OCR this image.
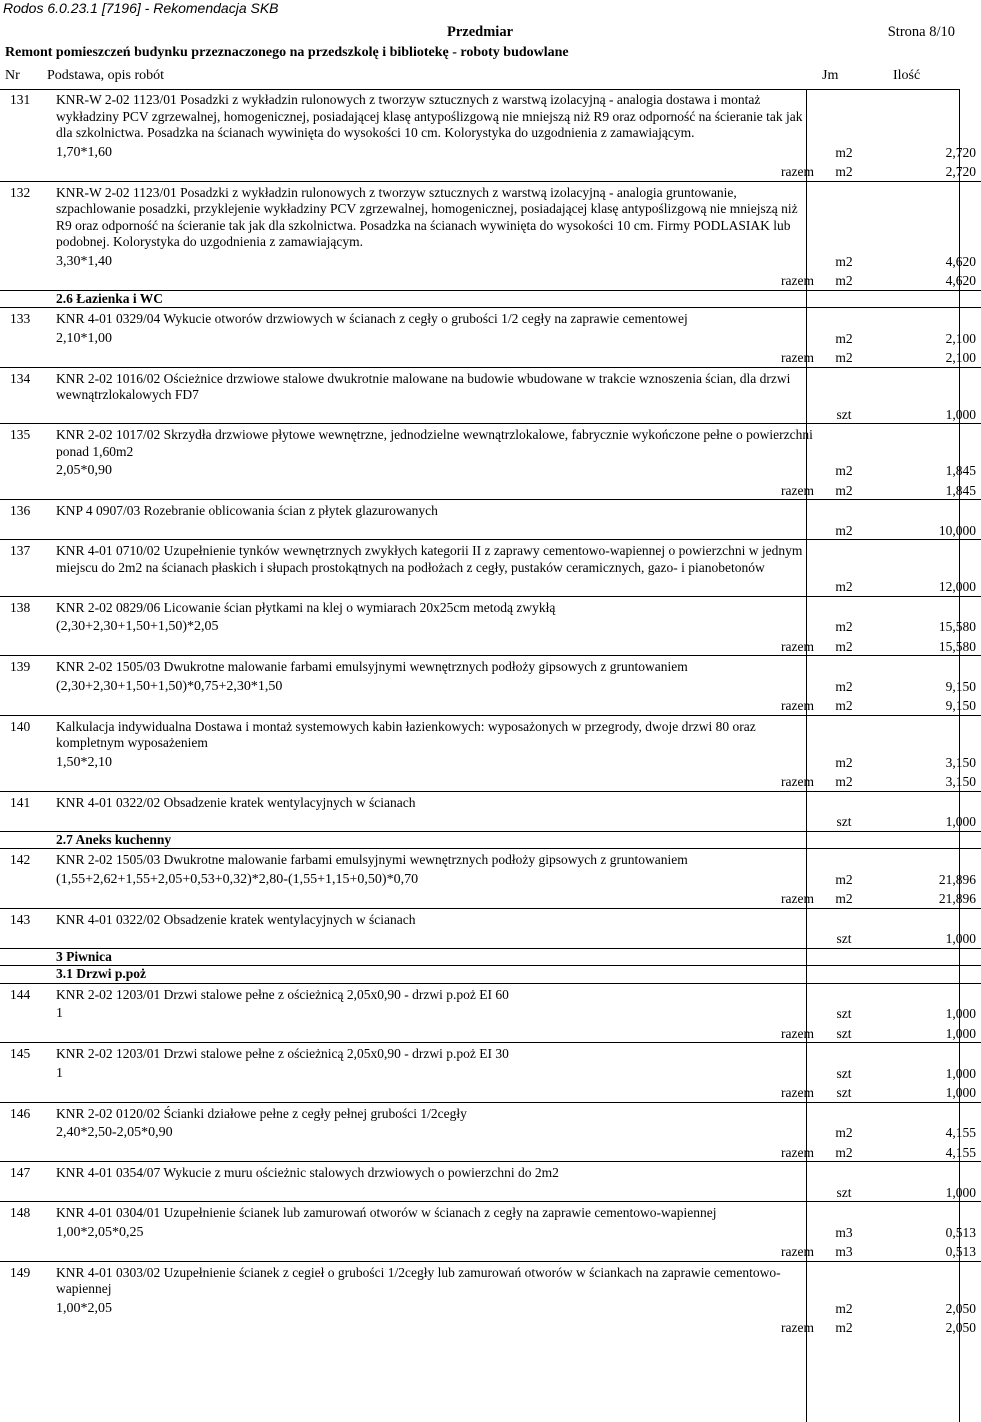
Rodos 6.0.23.1 [7196] - Rekomendacja SKB
Przedmiar	Strona 8/10
Remont pomieszczeń budynku przeznaczonego na przedszkolę i bibliotekę - roboty budowlane
Nr Podstawa, opis robót	Jm	Ilość
131	KNR-W 2-02 1123/01 Posadzki z wykładzin rulonowych z tworzyw sztucznych z warstwą izolacyjną - analogia dostawa i montaż wykładziny PCV zgrzewalnej, homogenicznej, posiadającej klasę antypoślizgową nie mniejszą niż R9 oraz odporność na ścieranie tak jak dla szkolnictwa. Posadzka na ścianach wywinięta do wysokości 10 cm. Kolorystyka do uzgodnienia z zamawiającym.		
	1,70*1,60	m2	2,720
	razem	m2	2,720
132	KNR-W 2-02 1123/01 Posadzki z wykładzin rulonowych z tworzyw sztucznych z warstwą izolacyjną - analogia gruntowanie, szpachlowanie posadzki, przyklejenie wykładziny PCV zgrzewalnej, homogenicznej, posiadającej klasę antypoślizgową nie mniejszą niż R9 oraz odporność na ścieranie tak jak dla szkolnictwa. Posadzka na ścianach wywinięta do wysokości 10 cm. Firmy PODLASIAK lub podobnej. Kolorystyka do uzgodnienia z zamawiającym.		
	3,30*1,40	m2	4,620
	razem	m2	4,620
	2.6 Łazienka i WC		
133	KNR 4-01 0329/04 Wykucie otworów drzwiowych w ścianach z cegły o grubości 1/2 cegły na zaprawie cementowej		
	2,10*1,00	m2	2,100
	razem	m2	2,100
134	KNR 2-02 1016/02 Ościeżnice drzwiowe stalowe dwukrotnie malowane na budowie wbudowane w trakcie wznoszenia ścian, dla drzwi wewnątrzlokalowych FD7		
		szt	1,000
135	KNR 2-02 1017/02 Skrzydła drzwiowe płytowe wewnętrzne, jednodzielne wewnątrzlokalowe, fabrycznie wykończone pełne o powierzchni ponad 1,60m2		
	2,05*0,90	m2	1,845
	razem	m2	1,845
136	KNP 4 0907/03 Rozebranie oblicowania ścian z płytek glazurowanych		
		m2	10,000
137	KNR 4-01 0710/02 Uzupełnienie tynków wewnętrznych zwykłych kategorii II z zaprawy cementowo-wapiennej o powierzchni w jednym miejscu do 2m2 na ścianach płaskich i słupach prostokątnych na podłożach z cegły, pustaków ceramicznych, gazo- i pianobetonów		
		m2	12,000
138	KNR 2-02 0829/06 Licowanie ścian płytkami na klej o wymiarach 20x25cm metodą zwykłą		
	(2,30+2,30+1,50+1,50)*2,05	m2	15,580
	razem	m2	15,580
139	KNR 2-02 1505/03 Dwukrotne malowanie farbami emulsyjnymi wewnętrznych podłoży gipsowych z gruntowaniem		
	(2,30+2,30+1,50+1,50)*0,75+2,30*1,50	m2	9,150
	razem	m2	9,150
140	Kalkulacja indywidualna Dostawa i montaż systemowych kabin łazienkowych: wyposażonych w przegrody, dwoje drzwi 80 oraz kompletnym wyposażeniem		
	1,50*2,10	m2	3,150
	razem	m2	3,150
141	KNR 4-01 0322/02 Obsadzenie kratek wentylacyjnych w ścianach		
		szt	1,000
	2.7 Aneks kuchenny		
142	KNR 2-02 1505/03 Dwukrotne malowanie farbami emulsyjnymi wewnętrznych podłoży gipsowych z gruntowaniem		
	(1,55+2,62+1,55+2,05+0,53+0,32)*2,80-(1,55+1,15+0,50)*0,70	m2	21,896
	razem	m2	21,896
143	KNR 4-01 0322/02 Obsadzenie kratek wentylacyjnych w ścianach		
		szt	1,000
	3 Piwnica		
	3.1 Drzwi p.poż		
144	KNR 2-02 1203/01 Drzwi stalowe pełne z ościeżnicą 2,05x0,90 - drzwi p.poż EI 60		
	1	szt	1,000
	razem	szt	1,000
145	KNR 2-02 1203/01 Drzwi stalowe pełne z ościeżnicą 2,05x0,90 - drzwi p.poż EI 30		
	1	szt	1,000
	razem	szt	1,000
146	KNR 2-02 0120/02 Ścianki działowe pełne z cegły pełnej grubości 1/2cegły		
	2,40*2,50-2,05*0,90	m2	4,155
	razem	m2	4,155
147	KNR 4-01 0354/07 Wykucie z muru ościeżnic stalowych drzwiowych o powierzchni do 2m2		
		szt	1,000
148	KNR 4-01 0304/01 Uzupełnienie ścianek lub zamurowań otworów w ścianach z cegły na zaprawie cementowo-wapiennej		
	1,00*2,05*0,25	m3	0,513
	razem	m3	0,513
149	KNR 4-01 0303/02 Uzupełnienie ścianek z cegieł o grubości 1/2cegły lub zamurowań otworów w ściankach na zaprawie cementowo-wapiennej		
	1,00*2,05	m2	2,050
	razem	m2	2,050
